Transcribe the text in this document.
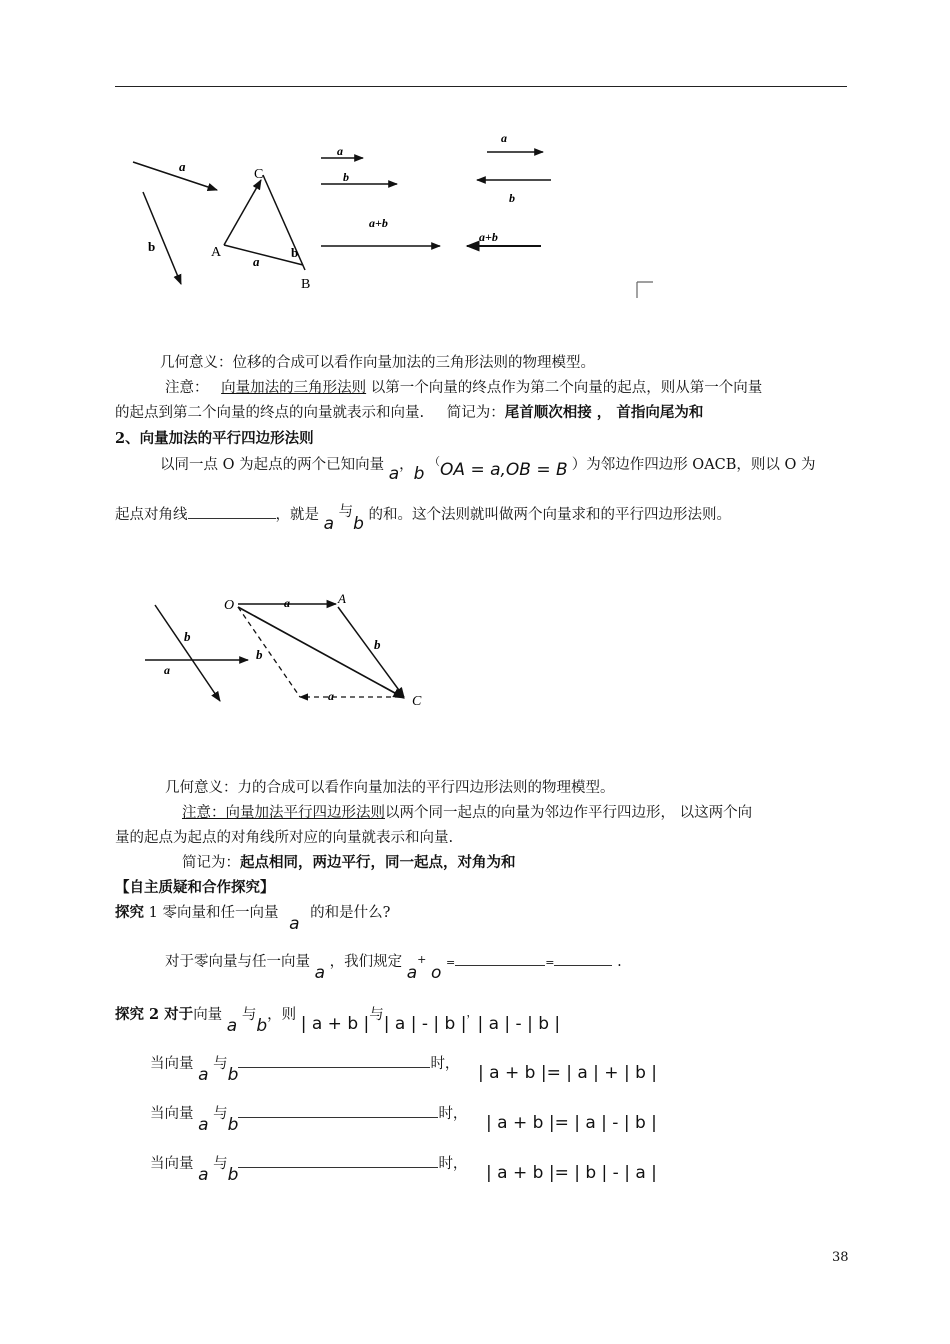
a
b
C
A
B
a
b
a
b
a+b
a
b
a+b
几何意义：位移的合成可以看作向量加法的三角形法则的物理模型。
注意： 向量加法的三角形法则 以第一个向量的终点作为第二个向量的起点，则从第一个向量
的起点到第二个向量的终点的向量就表示和向量. 简记为：尾首顺次相接 ， 首指向尾为和
2、向量加法的平行四边形法则
以同一点 O 为起点的两个已知向量 a，b （OA = a,OB = B ）为邻边作四边形 OACB，则以 O 为
起点对角线	，就是 a 与b 的和。这个法则就叫做两个向量求和的平行四边形法则。
b
a
O	A
a
b
C
b
a
几何意义：力的合成可以看作向量加法的平行四边形法则的物理模型。
注意：向量加法平行四边形法则以两个同一起点的向量为邻边作平行四边形， 以这两个向
量的起点为起点的对角线所对应的向量就表示和向量.
简记为：起点相同，两边平行，同一起点，对角为和
【自主质疑和合作探究】
探究 1 零向量和任一向量 a 的和是什么?
对于零向量与任一向量 a ，我们规定 a+ o =	=	.
探究 2 对于向量 a 与b，则 | a + b |与| a | - | b |，| a | - | b |
当向量 a 与b时， | a + b |= | a | + | b |
当向量 a 与b时， | a + b |= | a | - | b |
当向量 a 与b时， | a + b |= | b | - | a |
38
